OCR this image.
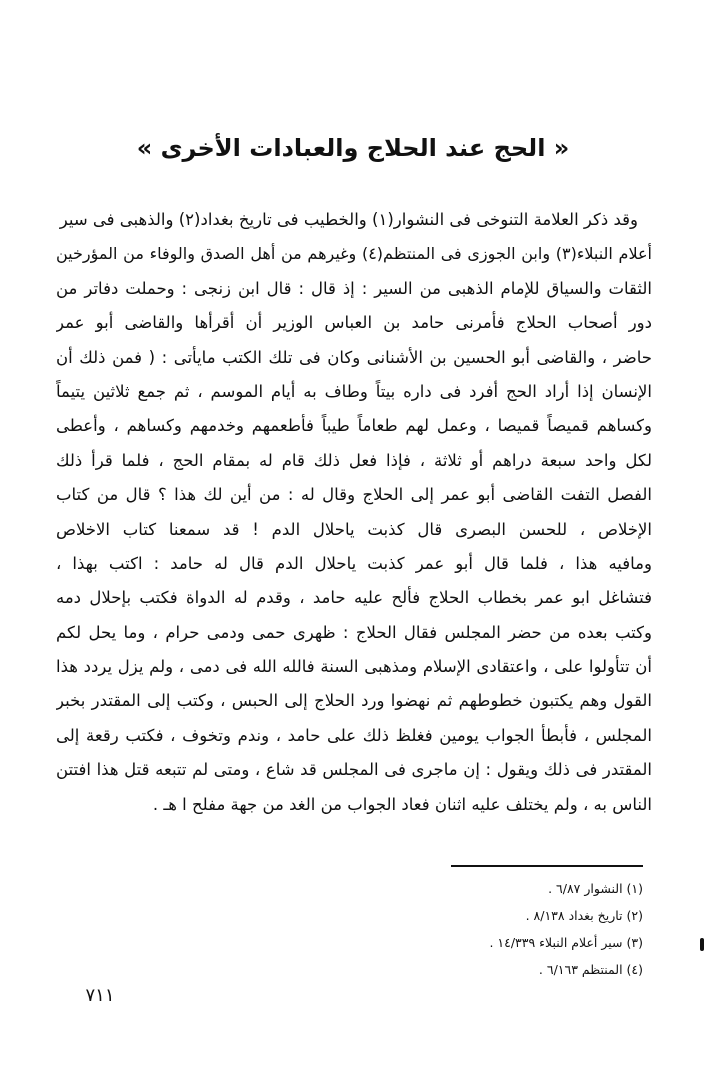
« الحج عند الحلاج والعبادات الأخرى »
وقد ذكر العلامة التنوخى فى النشوار(١) والخطيب فى تاريخ بغداد(٢) والذهبى فى سير
أعلام النبلاء(٣) وابن الجوزى فى المنتظم(٤) وغيرهم من أهل الصدق والوفاء من المؤرخين
الثقات والسياق للإمام الذهبى من السير : إذ قال : قال ابن زنجى : وحملت دفاتر من
دور أصحاب الحلاج فأمرنى حامد بن العباس الوزير أن أقرأها والقاضى أبو عمر
حاضر ، والقاضى أبو الحسين بن الأشنانى وكان فى تلك الكتب مايأتى : ( فمن ذلك أن
الإنسان إذا أراد الحج أفرد فى داره بيتاً وطاف به أيام الموسم ، ثم جمع ثلاثين يتيماً
وكساهم قميصاً قميصا ، وعمل لهم طعاماً طيباً فأطعمهم وخدمهم وكساهم ، وأعطى
لكل واحد سبعة دراهم أو ثلاثة ، فإذا فعل ذلك قام له بمقام الحج ، فلما قرأ ذلك
الفصل التفت القاضى أبو عمر إلى الحلاج وقال له : من أين لك هذا ؟ قال من كتاب
الإخلاص ، للحسن البصرى قال كذبت ياحلال الدم ! قد سمعنا كتاب الاخلاص
ومافيه هذا ، فلما قال أبو عمر كذبت ياحلال الدم قال له حامد : اكتب بهذا ،
فتشاغل ابو عمر بخطاب الحلاج فألح عليه حامد ، وقدم له الدواة فكتب بإحلال دمه
وكتب بعده من حضر المجلس فقال الحلاج : ظهرى حمى ودمى حرام ، وما يحل لكم
أن تتأولوا على ، واعتقادى الإسلام ومذهبى السنة فالله الله فى دمى ، ولم يزل يردد هذا
القول وهم يكتبون خطوطهم ثم نهضوا ورد الحلاج إلى الحبس ، وكتب إلى المقتدر بخبر
المجلس ، فأبطأ الجواب يومين فغلظ ذلك على حامد ، وندم وتخوف ، فكتب رقعة إلى
المقتدر فى ذلك ويقول : إن ماجرى فى المجلس قد شاع ، ومتى لم تتبعه قتل هذا افتتن
الناس به ، ولم يختلف عليه اثنان فعاد الجواب من الغد من جهة مفلح ا هـ .
(١) النشوار ٦/٨٧ .
(٢) تاريخ بغداد ٨/١٣٨ .
(٣) سير أعلام النبلاء ١٤/٣٣٩ .
(٤) المنتظم ٦/١٦٣ .
٧١١
